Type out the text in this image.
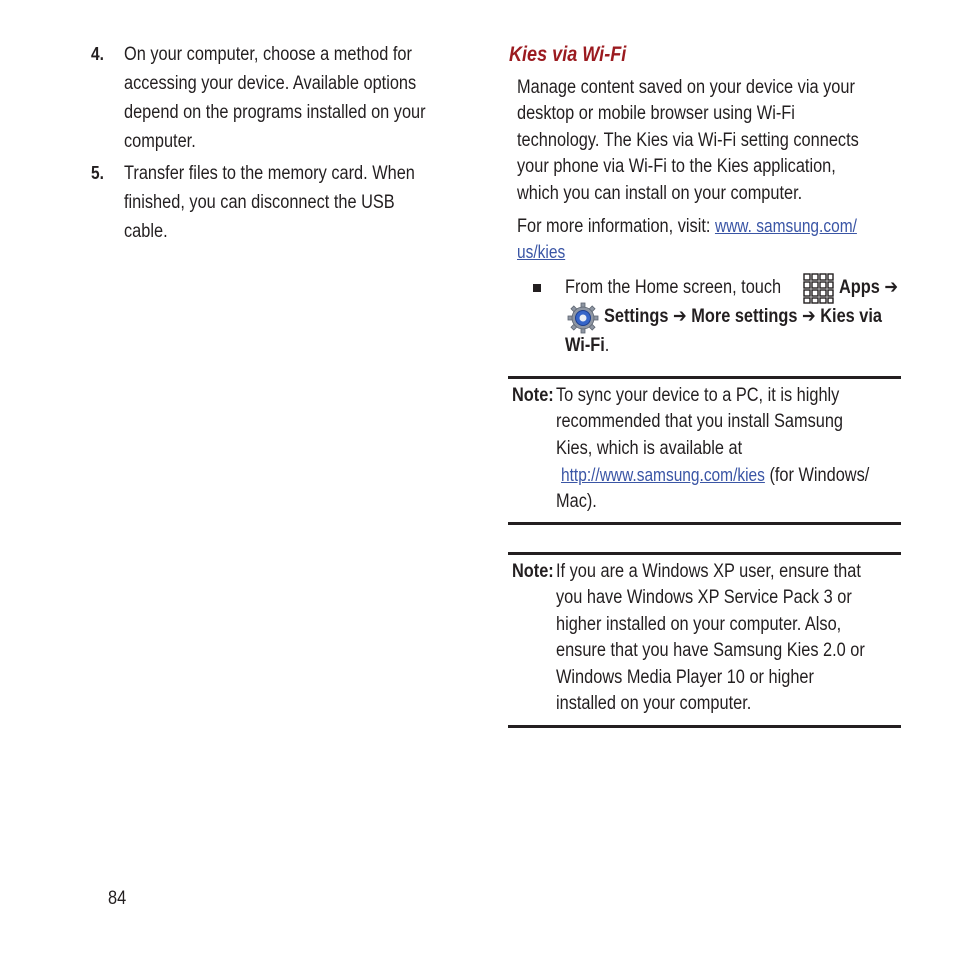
4. On your computer, choose a method for
accessing your device. Available options
depend on the programs installed on your
computer.
5. Transfer files to the memory card. When
finished, you can disconnect the USB
cable.
Kies via Wi-Fi
Manage content saved on your device via your
desktop or mobile browser using Wi-Fi
technology. The Kies via Wi-Fi setting connects
your phone via Wi-Fi to the Kies application,
which you can install on your computer.
For more information, visit: www. samsung.com/
us/kies
From the Home screen, touch	Apps ➔
Settings ➔ More settings ➔ Kies via
Wi-Fi.
Note: To sync your device to a PC, it is highly
recommended that you install Samsung
Kies, which is available at
http://www.samsung.com/kies (for Windows/
Mac).
Note: If you are a Windows XP user, ensure that
you have Windows XP Service Pack 3 or
higher installed on your computer. Also,
ensure that you have Samsung Kies 2.0 or
Windows Media Player 10 or higher
installed on your computer.
84
